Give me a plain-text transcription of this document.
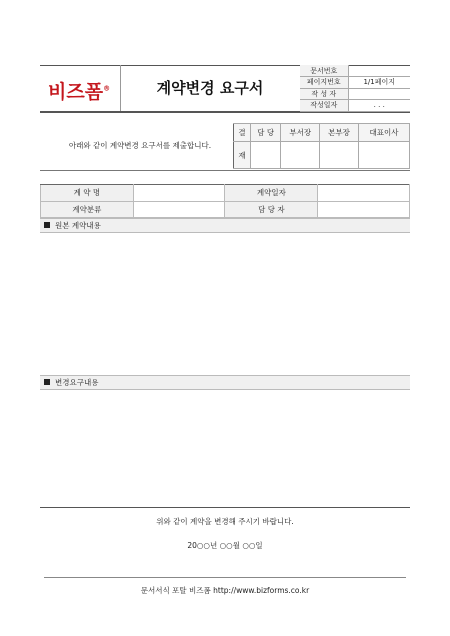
비즈폼®	계약변경 요구서
문서번호	
페이지번호	1/1페이지
작 성 자	
작성일자	. . .
아래와 같이 계약변경 요구서를 제출합니다.
결	담 당	부서장	본부장	대표이사
재				
계 약 명		계약일자	
계약분류		담 당 자	
원본 계약내용
변경요구내용
위와 같이 계약을 변경해 주시기 바랍니다.
20○○년 ○○월 ○○일
문서서식 포탈 비즈폼 http://www.bizforms.co.kr
